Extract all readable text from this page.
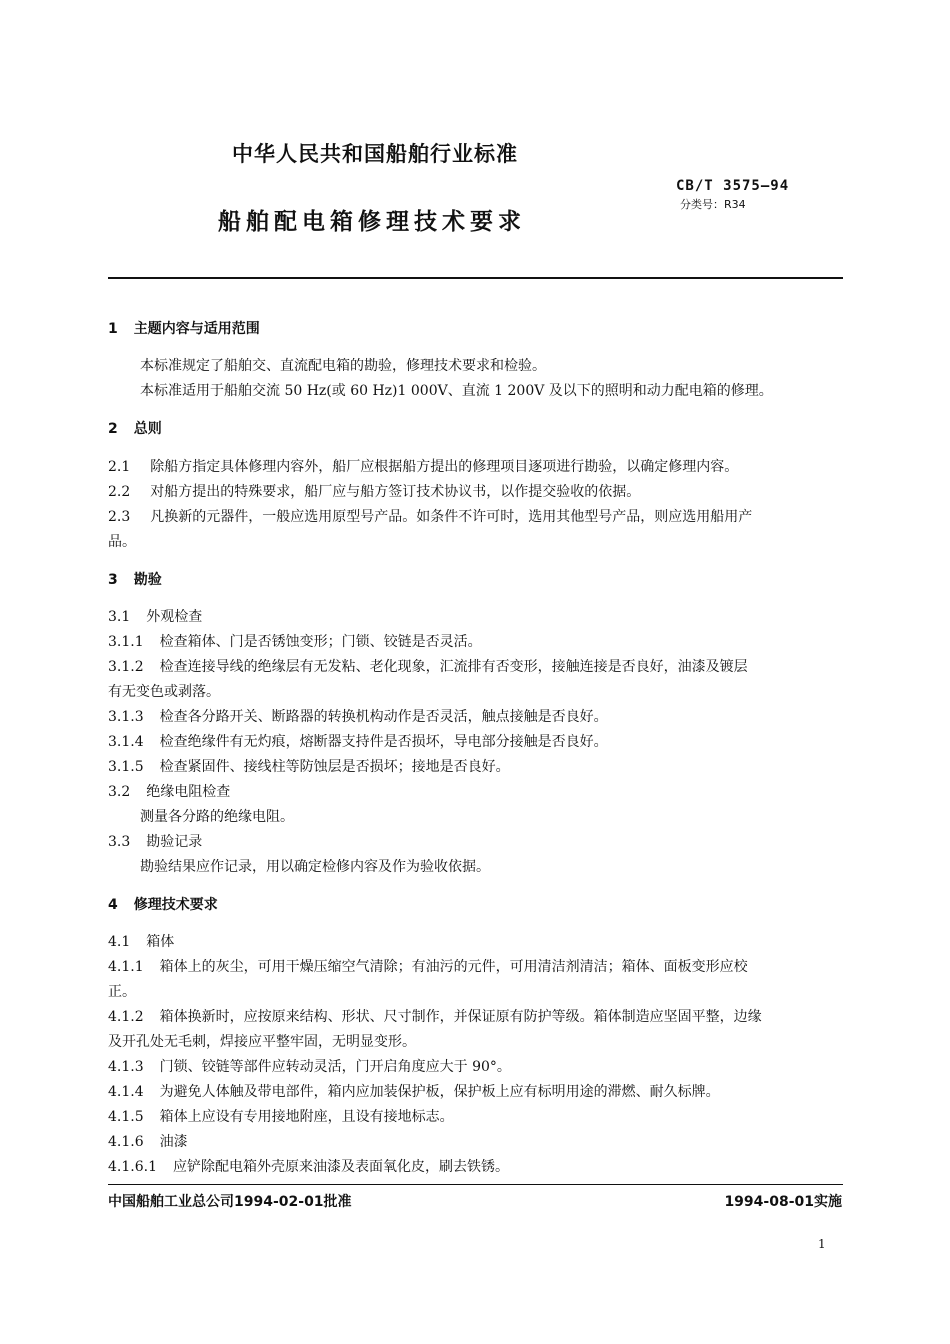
中华人民共和国船舶行业标准
船舶配电箱修理技术要求
CB/T 3575—94
分类号：R34
1 主题内容与适用范围
本标准规定了船舶交、直流配电箱的勘验，修理技术要求和检验。
本标准适用于船舶交流 50 Hz(或 60 Hz)1 000V、直流 1 200V 及以下的照明和动力配电箱的修理。
2 总则
2.1 除船方指定具体修理内容外，船厂应根据船方提出的修理项目逐项进行勘验，以确定修理内容。
2.2 对船方提出的特殊要求，船厂应与船方签订技术协议书，以作提交验收的依据。
2.3 凡换新的元器件，一般应选用原型号产品。如条件不许可时，选用其他型号产品，则应选用船用产
品。
3 勘验
3.1 外观检查
3.1.1 检查箱体、门是否锈蚀变形；门锁、铰链是否灵活。
3.1.2 检查连接导线的绝缘层有无发粘、老化现象，汇流排有否变形，接触连接是否良好，油漆及镀层
有无变色或剥落。
3.1.3 检查各分路开关、断路器的转换机构动作是否灵活，触点接触是否良好。
3.1.4 检查绝缘件有无灼痕，熔断器支持件是否损坏，导电部分接触是否良好。
3.1.5 检查紧固件、接线柱等防蚀层是否损坏；接地是否良好。
3.2 绝缘电阻检查
测量各分路的绝缘电阻。
3.3 勘验记录
勘验结果应作记录，用以确定检修内容及作为验收依据。
4 修理技术要求
4.1 箱体
4.1.1 箱体上的灰尘，可用干燥压缩空气清除；有油污的元件，可用清洁剂清洁；箱体、面板变形应校
正。
4.1.2 箱体换新时，应按原来结构、形状、尺寸制作，并保证原有防护等级。箱体制造应坚固平整，边缘
及开孔处无毛刺，焊接应平整牢固，无明显变形。
4.1.3 门锁、铰链等部件应转动灵活，门开启角度应大于 90°。
4.1.4 为避免人体触及带电部件，箱内应加装保护板，保护板上应有标明用途的滞燃、耐久标牌。
4.1.5 箱体上应设有专用接地附座，且设有接地标志。
4.1.6 油漆
4.1.6.1 应铲除配电箱外壳原来油漆及表面氧化皮，刷去铁锈。
中国船舶工业总公司1994-02-01批准	1994-08-01实施
1
